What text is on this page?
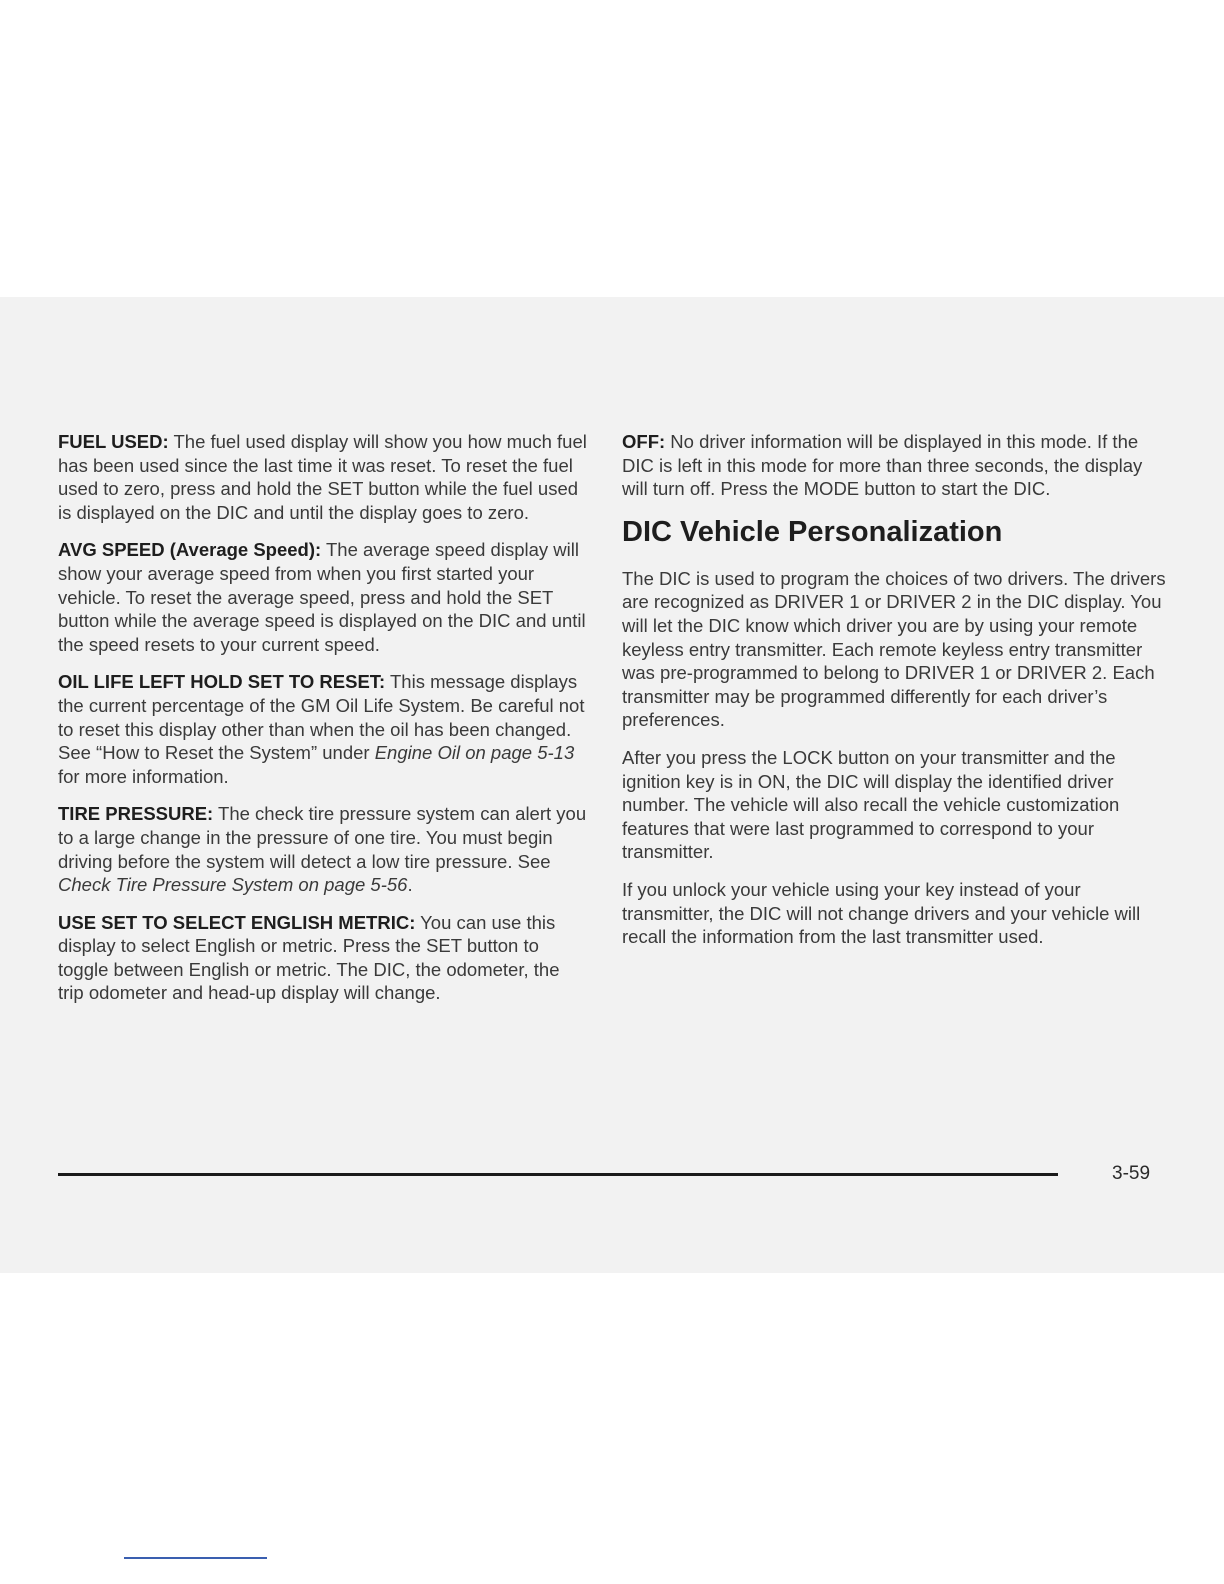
FUEL USED: The fuel used display will show you how much fuel has been used since the last time it was reset. To reset the fuel used to zero, press and hold the SET button while the fuel used is displayed on the DIC and until the display goes to zero.

AVG SPEED (Average Speed): The average speed display will show your average speed from when you first started your vehicle. To reset the average speed, press and hold the SET button while the average speed is displayed on the DIC and until the speed resets to your current speed.

OIL LIFE LEFT HOLD SET TO RESET: This message displays the current percentage of the GM Oil Life System. Be careful not to reset this display other than when the oil has been changed. See “How to Reset the System” under Engine Oil on page 5-13 for more information.

TIRE PRESSURE: The check tire pressure system can alert you to a large change in the pressure of one tire. You must begin driving before the system will detect a low tire pressure. See Check Tire Pressure System on page 5-56.

USE SET TO SELECT ENGLISH METRIC: You can use this display to select English or metric. Press the SET button to toggle between English or metric. The DIC, the odometer, the trip odometer and head-up display will change.

OFF: No driver information will be displayed in this mode. If the DIC is left in this mode for more than three seconds, the display will turn off. Press the MODE button to start the DIC.

DIC Vehicle Personalization

The DIC is used to program the choices of two drivers. The drivers are recognized as DRIVER 1 or DRIVER 2 in the DIC display. You will let the DIC know which driver you are by using your remote keyless entry transmitter. Each remote keyless entry transmitter was pre-programmed to belong to DRIVER 1 or DRIVER 2. Each transmitter may be programmed differently for each driver’s preferences.

After you press the LOCK button on your transmitter and the ignition key is in ON, the DIC will display the identified driver number. The vehicle will also recall the vehicle customization features that were last programmed to correspond to your transmitter.

If you unlock your vehicle using your key instead of your transmitter, the DIC will not change drivers and your vehicle will recall the information from the last transmitter used.

3-59
